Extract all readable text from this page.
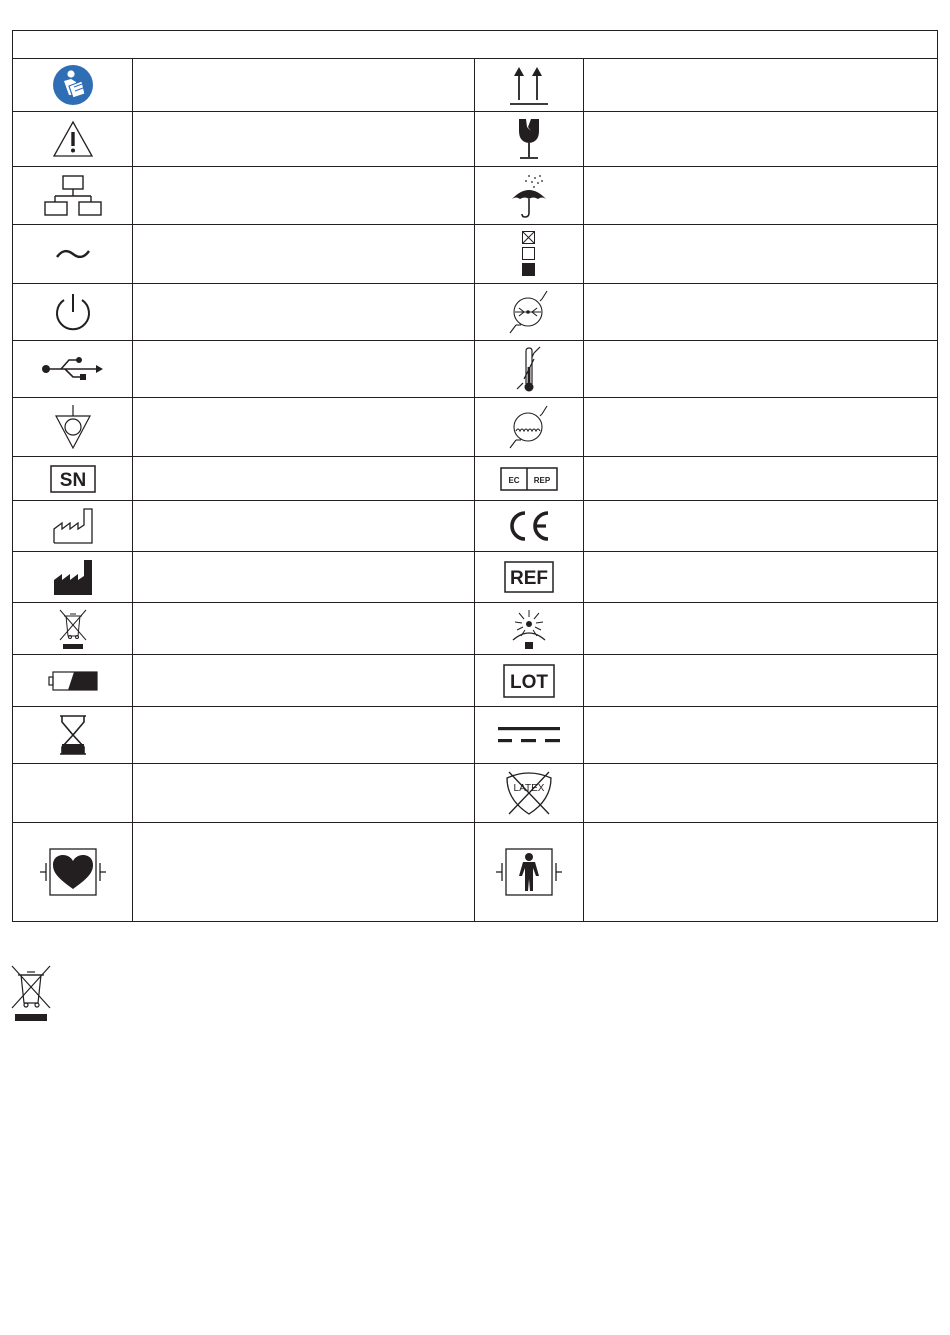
SN		EC REP	

REF	

LOT	

LATEX	
